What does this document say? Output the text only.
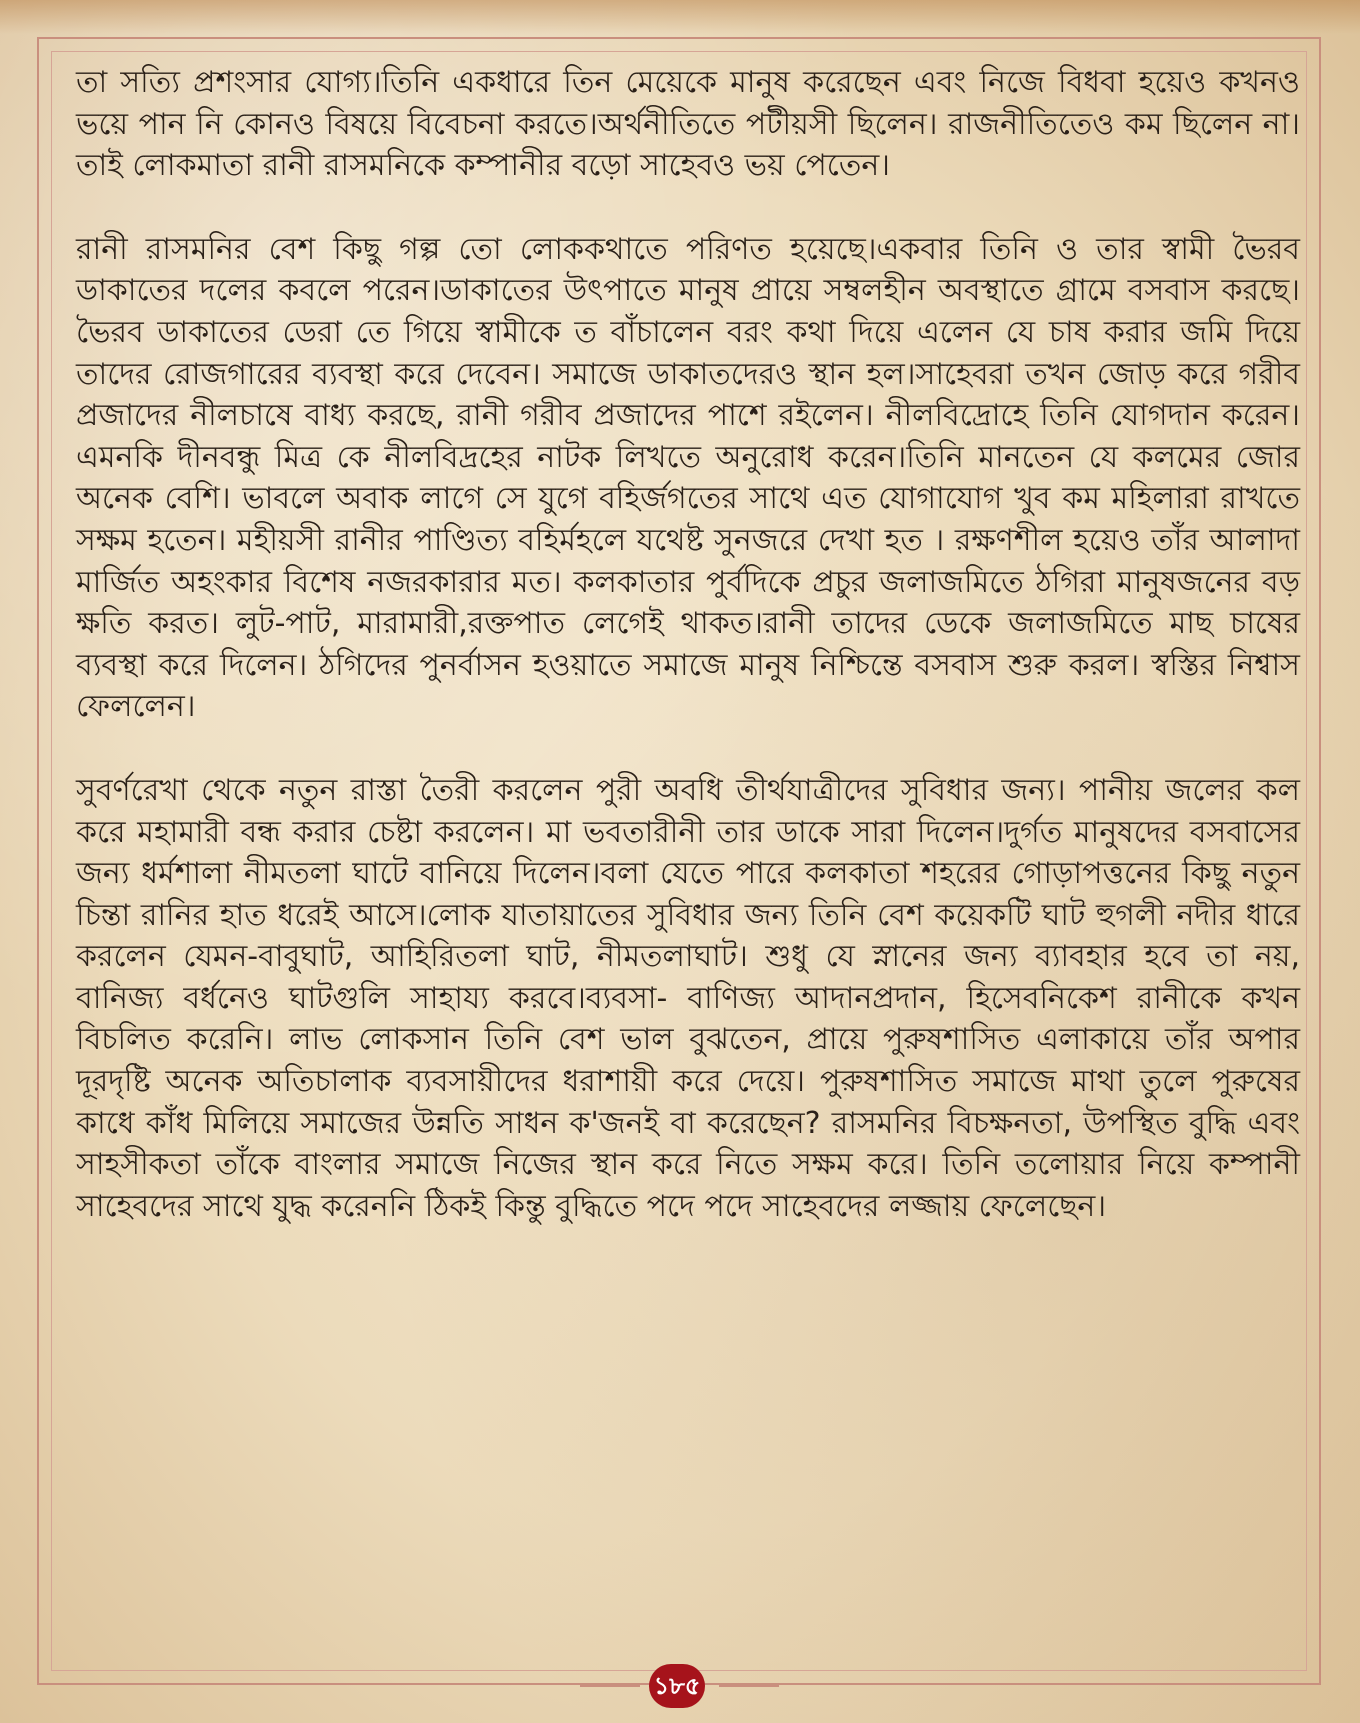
তা সত্যি প্রশংসার যোগ্য।তিনি একধারে তিন মেয়েকে মানুষ করেছেন এবং নিজে বিধবা হয়েও কখনও ভয়ে পান নি কোনও বিষয়ে বিবেচনা করতে।অর্থনীতিতে পটীয়সী ছিলেন। রাজনীতিতেও কম ছিলেন না। তাই লোকমাতা রানী রাসমনিকে কম্পানীর বড়ো সাহেবও ভয় পেতেন।

রানী রাসমনির বেশ কিছু গল্প তো লোককথাতে পরিণত হয়েছে।একবার তিনি ও তার স্বামী ভৈরব ডাকাতের দলের কবলে পরেন।ডাকাতের উৎপাতে মানুষ প্রায়ে সম্বলহীন অবস্থাতে গ্রামে বসবাস করছে।ভৈরব ডাকাতের ডেরা তে গিয়ে স্বামীকে ত বাঁচালেন বরং কথা দিয়ে এলেন যে চাষ করার জমি দিয়ে তাদের রোজগারের ব্যবস্থা করে দেবেন। সমাজে ডাকাতদেরও স্থান হল।সাহেবরা তখন জোড় করে গরীব প্রজাদের নীলচাষে বাধ্য করছে, রানী গরীব প্রজাদের পাশে রইলেন। নীলবিদ্রোহে তিনি যোগদান করেন।এমনকি দীনবন্ধু মিত্র কে নীলবিদ্রহের নাটক লিখতে অনুরোধ করেন।তিনি মানতেন যে কলমের জোর অনেক বেশি। ভাবলে অবাক লাগে সে যুগে বহির্জগতের সাথে এত যোগাযোগ খুব কম মহিলারা রাখতে সক্ষম হতেন। মহীয়সী রানীর পাণ্ডিত্য বহির্মহলে যথেষ্ট সুনজরে দেখা হত । রক্ষণশীল হয়েও তাঁর আলাদা মার্জিত অহংকার বিশেষ নজরকারার মত। কলকাতার পুর্বদিকে প্রচুর জলাজমিতে ঠগিরা মানুষজনের বড় ক্ষতি করত। লুট-পাট, মারামারী,রক্তপাত লেগেই থাকত।রানী তাদের ডেকে জলাজমিতে মাছ চাষের ব্যবস্থা করে দিলেন। ঠগিদের পুনর্বাসন হওয়াতে সমাজে মানুষ নিশ্চিন্তে বসবাস শুরু করল। স্বস্তির নিশ্বাস ফেললেন।

সুবর্ণরেখা থেকে নতুন রাস্তা তৈরী করলেন পুরী অবধি তীর্থযাত্রীদের সুবিধার জন্য। পানীয় জলের কল করে মহামারী বন্ধ করার চেষ্টা করলেন। মা ভবতারীনী তার ডাকে সারা দিলেন।দুর্গত মানুষদের বসবাসের জন্য ধর্মশালা নীমতলা ঘাটে বানিয়ে দিলেন।বলা যেতে পারে কলকাতা শহরের গোড়াপত্তনের কিছু নতুন চিন্তা রানির হাত ধরেই আসে।লোক যাতায়াতের সুবিধার জন্য তিনি বেশ কয়েকটি ঘাট হুগলী নদীর ধারে করলেন যেমন-বাবুঘাট, আহিরিতলা ঘাট, নীমতলাঘাট। শুধু যে স্নানের জন্য ব্যাবহার হবে তা নয়, বানিজ্য বর্ধনেও ঘাটগুলি সাহায্য করবে।ব্যবসা- বাণিজ্য আদানপ্রদান, হিসেবনিকেশ রানীকে কখন বিচলিত করেনি। লাভ লোকসান তিনি বেশ ভাল বুঝতেন, প্রায়ে পুরুষশাসিত এলাকায়ে তাঁর অপার দূরদৃষ্টি অনেক অতিচালাক ব্যবসায়ীদের ধরাশায়ী করে দেয়ে। পুরুষশাসিত সমাজে মাথা তুলে পুরুষের কাধে কাঁধ মিলিয়ে সমাজের উন্নতি সাধন ক'জনই বা করেছেন? রাসমনির বিচক্ষনতা, উপস্থিত বুদ্ধি এবং সাহসীকতা তাঁকে বাংলার সমাজে নিজের স্থান করে নিতে সক্ষম করে। তিনি তলোয়ার নিয়ে কম্পানী সাহেবদের সাথে যুদ্ধ করেননি ঠিকই কিন্তু বুদ্ধিতে পদে পদে সাহেবদের লজ্জায় ফেলেছেন।

১৮৫
